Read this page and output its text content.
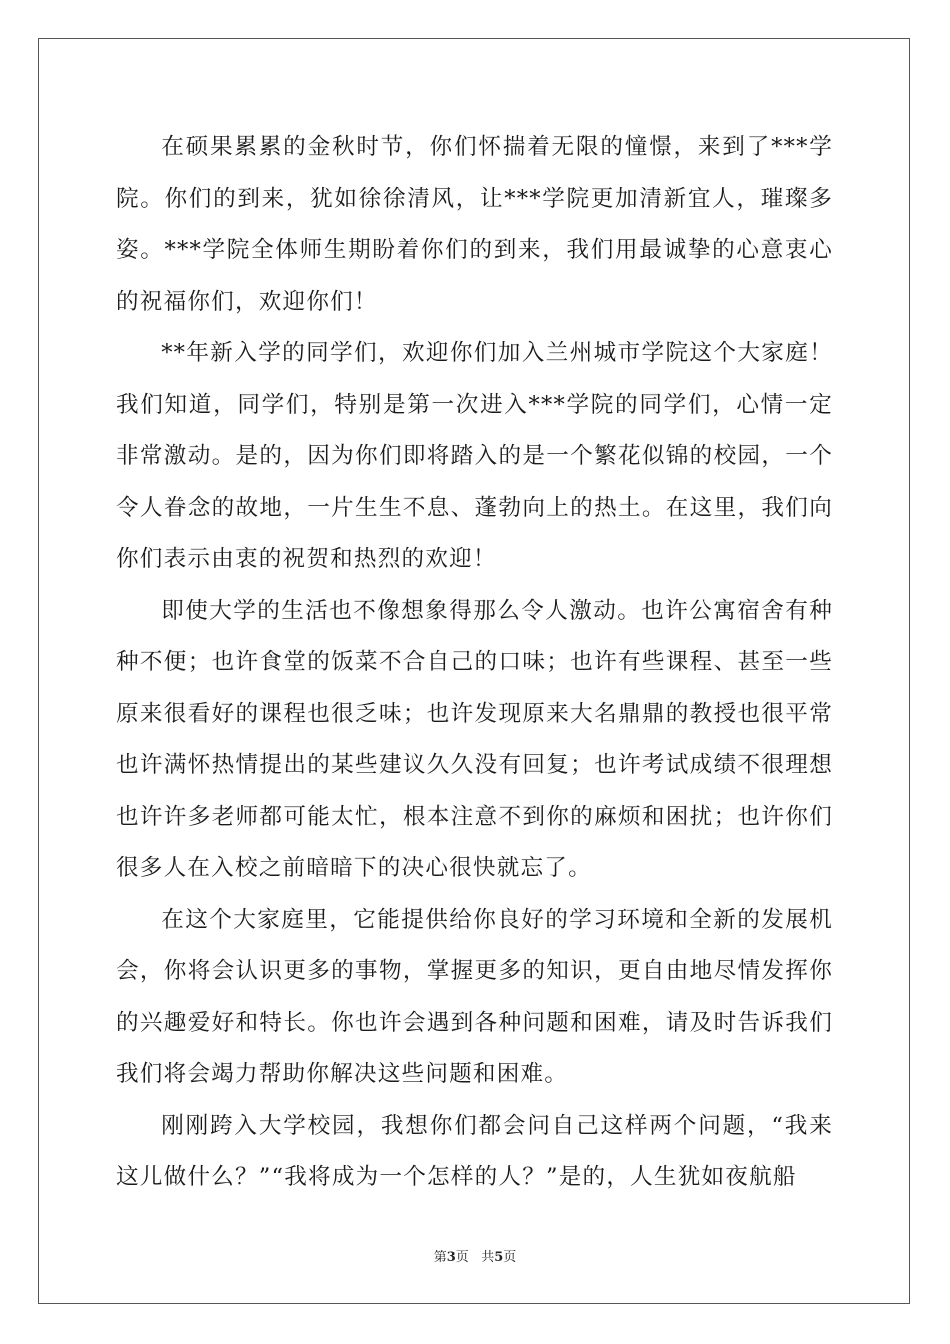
在硕果累累的金秋时节，你们怀揣着无限的憧憬，来到了***学院。你们的到来，犹如徐徐清风，让***学院更加清新宜人，璀璨多姿。***学院全体师生期盼着你们的到来，我们用最诚挚的心意衷心的祝福你们，欢迎你们！

**年新入学的同学们，欢迎你们加入兰州城市学院这个大家庭！我们知道，同学们，特别是第一次进入***学院的同学们，心情一定非常激动。是的，因为你们即将踏入的是一个繁花似锦的校园，一个令人眷念的故地，一片生生不息、蓬勃向上的热土。在这里，我们向你们表示由衷的祝贺和热烈的欢迎！

即使大学的生活也不像想象得那么令人激动。也许公寓宿舍有种种不便；也许食堂的饭菜不合自己的口味；也许有些课程、甚至一些原来很看好的课程也很乏味；也许发现原来大名鼎鼎的教授也很平常也许满怀热情提出的某些建议久久没有回复；也许考试成绩不很理想也许许多老师都可能太忙，根本注意不到你的麻烦和困扰；也许你们很多人在入校之前暗暗下的决心很快就忘了。

在这个大家庭里，它能提供给你良好的学习环境和全新的发展机会，你将会认识更多的事物，掌握更多的知识，更自由地尽情发挥你的兴趣爱好和特长。你也许会遇到各种问题和困难，请及时告诉我们我们将会竭力帮助你解决这些问题和困难。

刚刚跨入大学校园，我想你们都会问自己这样两个问题，“我来这儿做什么？”“我将成为一个怎样的人？”是的，人生犹如夜航船

第3页 共5页
